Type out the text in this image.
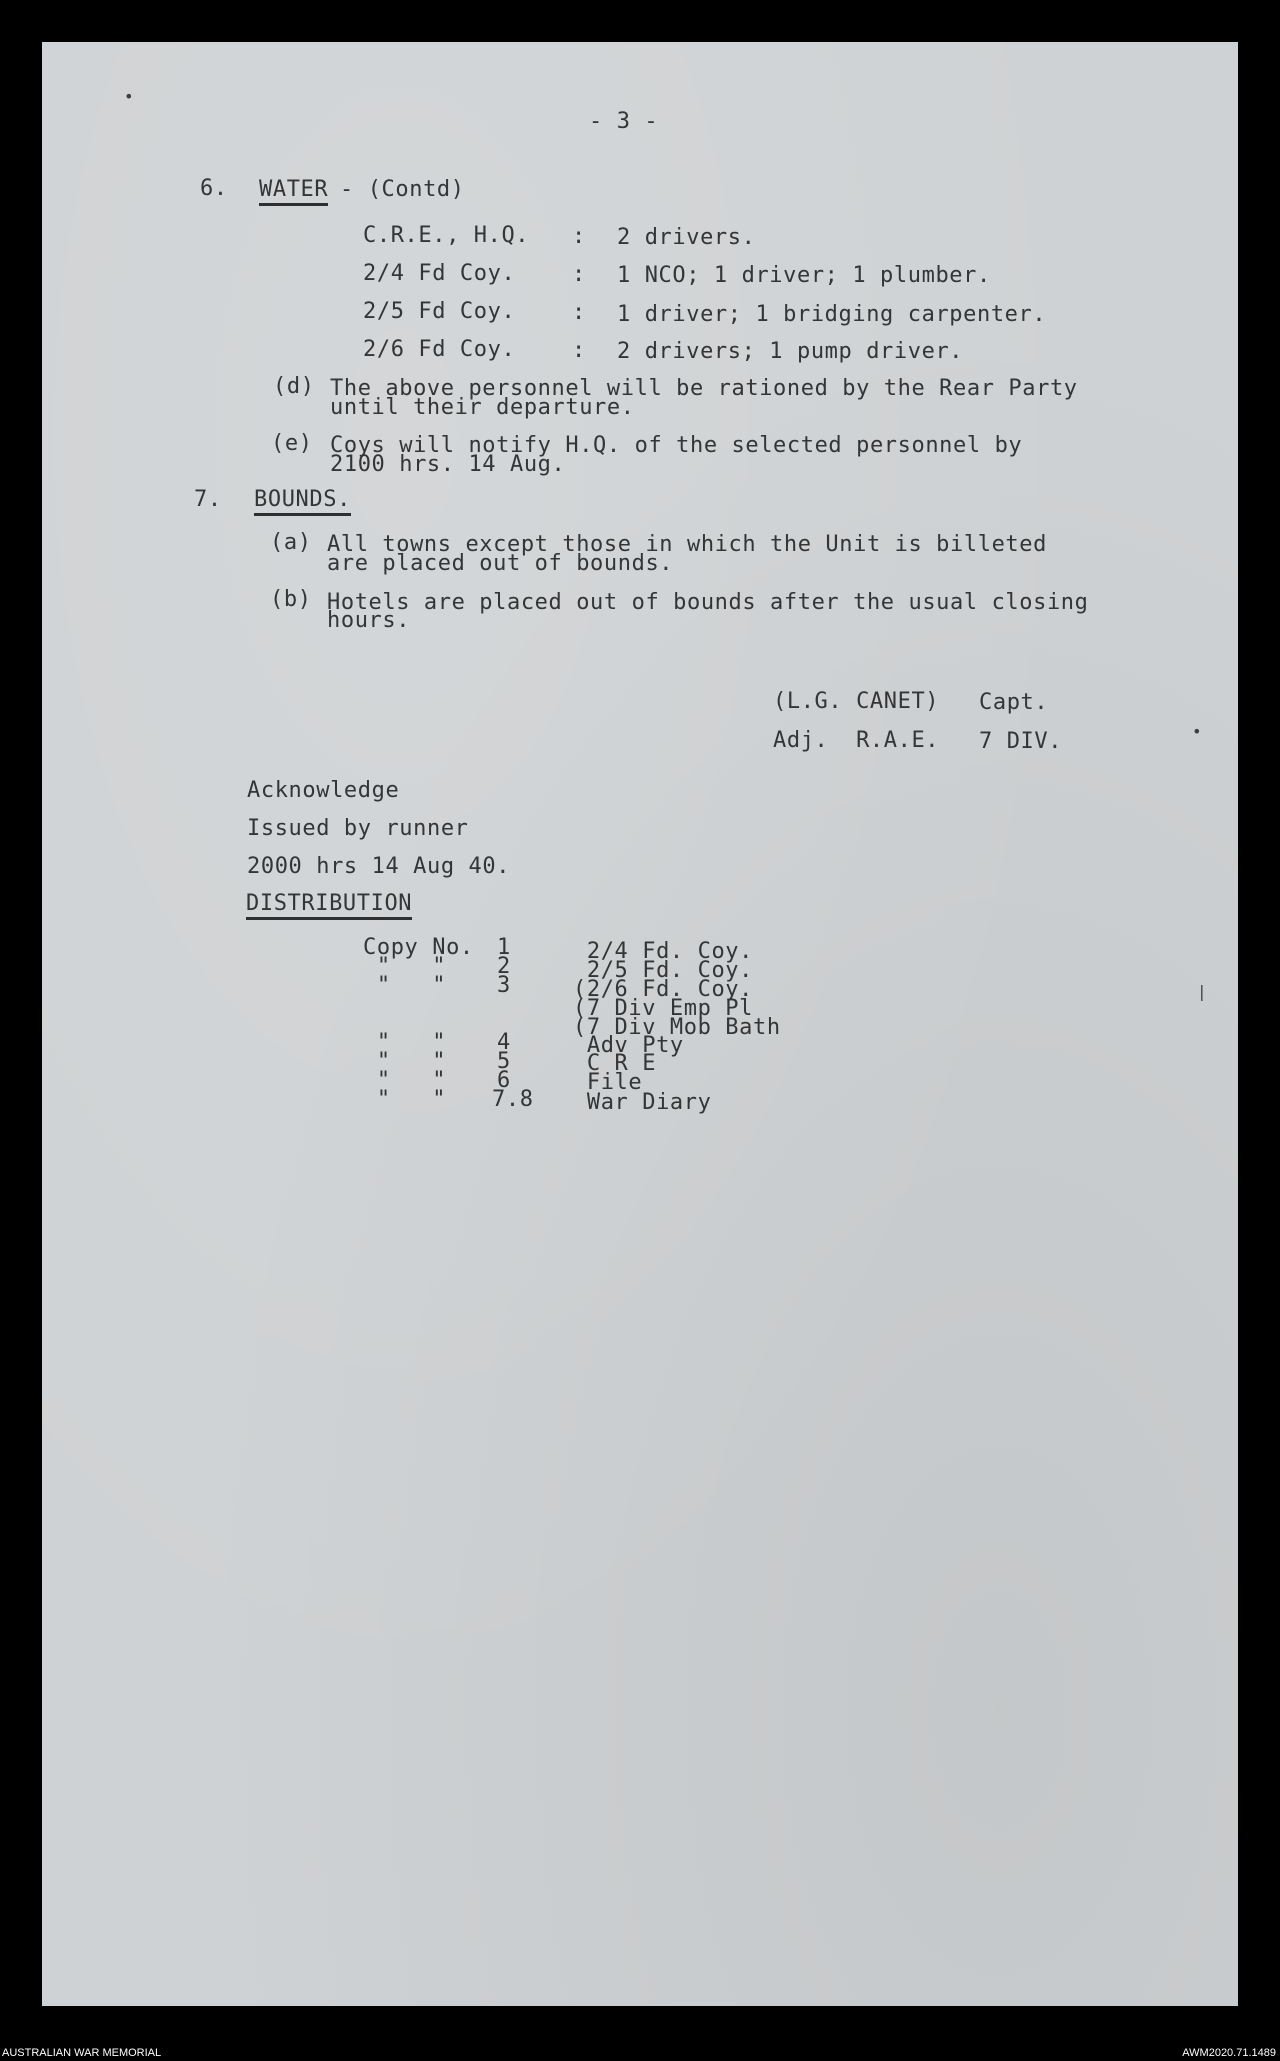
- 3 -
6. WATER - (Contd)
C.R.E., H.Q. : 2 drivers.
2/4 Fd Coy.	: 1 NCO; 1 driver; 1 plumber.
2/5 Fd Coy.	: 1 driver; 1 bridging carpenter.
2/6 Fd Coy.	: 2 drivers; 1 pump driver.
(d) The above personnel will be rationed by the Rear Party
until their departure.
(e) Coys will notify H.Q. of the selected personnel by
2100 hrs. 14 Aug.
7. BOUNDS.
(a) All towns except those in which the Unit is billeted
are placed out of bounds.
(b) Hotels are placed out of bounds after the usual closing
hours.
(L.G. CANET) Capt.
Adj.  R.A.E. 7 DIV.
Acknowledge
Issued by runner
2000 hrs 14 Aug 40.
DISTRIBUTION
Copy No. 1	2/4 Fd. Coy.
"   " 2	2/5 Fd. Coy.
"   " 3	(2/6 Fd. Coy.
(7 Div Emp Pl
(7 Div Mob Bath
"   " 4	Adv Pty
"   " 5	C R E
"   " 6	File
"   " 7.8 War Diary
•
•
|
AUSTRALIAN WAR MEMORIAL	AWM2020.71.1489
